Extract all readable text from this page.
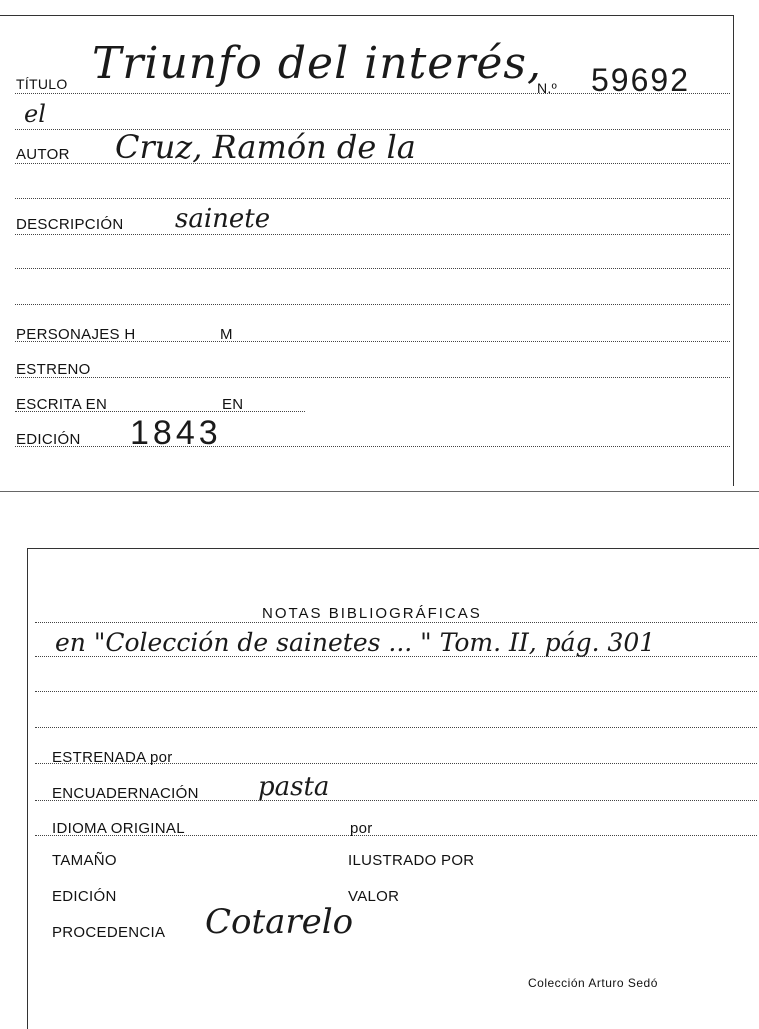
TÍTULO Triunfo del interés,
N.º 59692
el
AUTOR Cruz, Ramón de la
DESCRIPCIÓN sainete
PERSONAJES H	M
ESTRENO
ESCRITA EN	EN
EDICIÓN 1843
NOTAS BIBLIOGRÁFICAS
en "Colección de sainetes ... " Tom. II, pág. 301
ESTRENADA por
ENCUADERNACIÓN pasta
IDIOMA ORIGINAL	por
TAMAÑO	ILUSTRADO POR
EDICIÓN	VALOR
PROCEDENCIA Cotarelo
Colección Arturo Sedó
